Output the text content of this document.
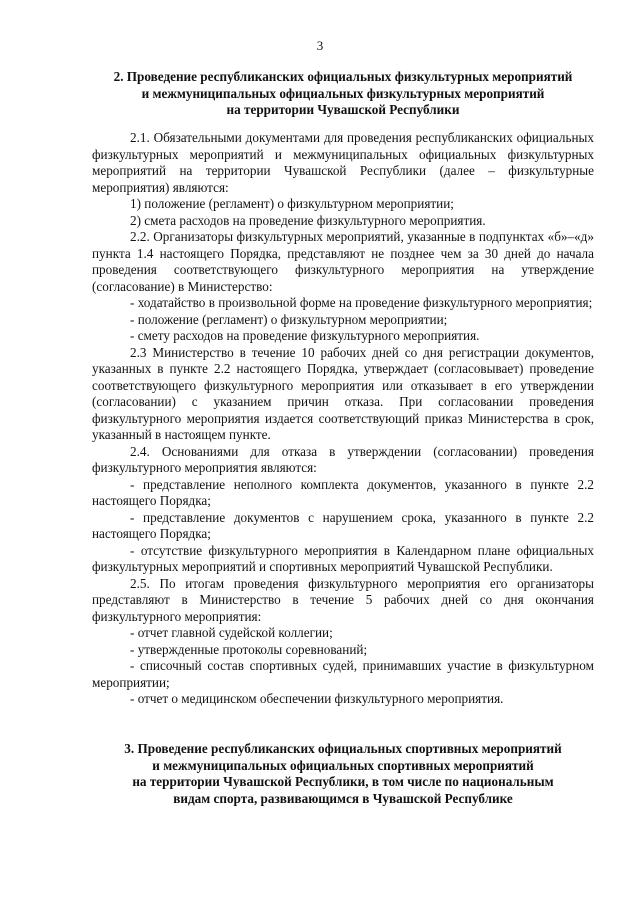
3
2. Проведение республиканских официальных физкультурных мероприятий
и межмуниципальных официальных физкультурных мероприятий
на территории Чувашской Республики

2.1. Обязательными документами для проведения республиканских официальных физкультурных мероприятий и межмуниципальных официальных физкультурных мероприятий на территории Чувашской Республики (далее – физкультурные мероприятия) являются:

1) положение (регламент) о физкультурном мероприятии;

2) смета расходов на проведение физкультурного мероприятия.

2.2. Организаторы физкультурных мероприятий, указанные в подпунктах «б»–«д» пункта 1.4 настоящего Порядка, представляют не позднее чем за 30 дней до начала проведения соответствующего физкультурного мероприятия на утверждение (согласование) в Министерство:

- ходатайство в произвольной форме на проведение физкультурного мероприятия;

- положение (регламент) о физкультурном мероприятии;

- смету расходов на проведение физкультурного мероприятия.

2.3 Министерство в течение 10 рабочих дней со дня регистрации документов, указанных в пункте 2.2 настоящего Порядка, утверждает (согласовывает) проведение соответствующего физкультурного мероприятия или отказывает в его утверждении (согласовании) с указанием причин отказа. При согласовании проведения физкультурного мероприятия издается соответствующий приказ Министерства в срок, указанный в настоящем пункте.

2.4. Основаниями для отказа в утверждении (согласовании) проведения физкультурного мероприятия являются:

- представление неполного комплекта документов, указанного в пункте 2.2 настоящего Порядка;

- представление документов с нарушением срока, указанного в пункте 2.2 настоящего Порядка;

- отсутствие физкультурного мероприятия в Календарном плане официальных физкультурных мероприятий и спортивных мероприятий Чувашской Республики.

2.5. По итогам проведения физкультурного мероприятия его организаторы представляют в Министерство в течение 5 рабочих дней со дня окончания физкультурного мероприятия:

- отчет главной судейской коллегии;

- утвержденные протоколы соревнований;

- списочный состав спортивных судей, принимавших участие в физкультурном мероприятии;

- отчет о медицинском обеспечении физкультурного мероприятия.

3. Проведение республиканских официальных спортивных мероприятий
и межмуниципальных официальных спортивных мероприятий
на территории Чувашской Республики, в том числе по национальным
видам спорта, развивающимся в Чувашской Республике
